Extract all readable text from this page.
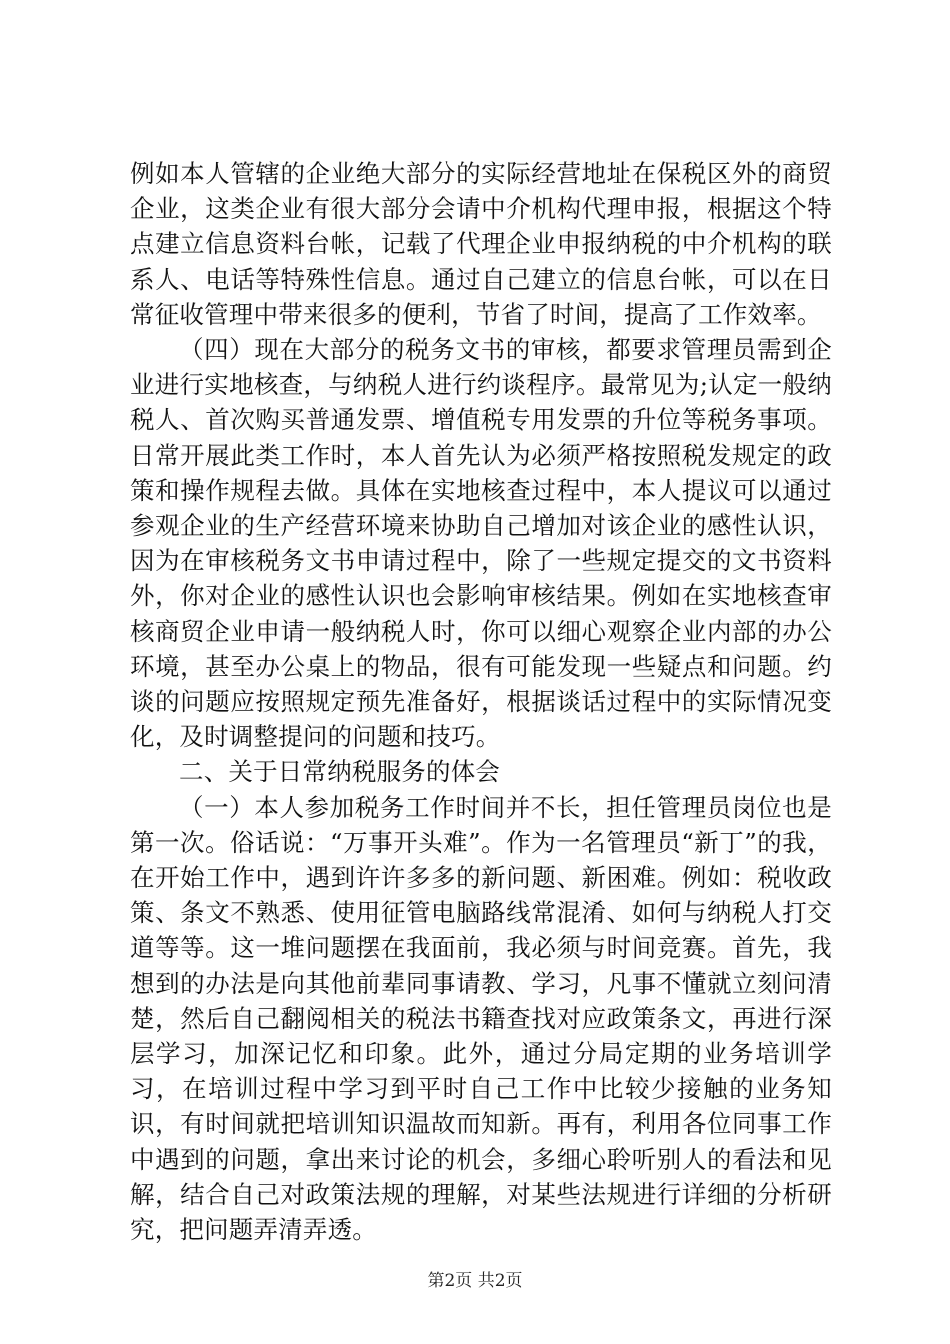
例如本人管辖的企业绝大部分的实际经营地址在保税区外的商贸企业，这类企业有很大部分会请中介机构代理申报，根据这个特点建立信息资料台帐，记载了代理企业申报纳税的中介机构的联系人、电话等特殊性信息。通过自己建立的信息台帐，可以在日常征收管理中带来很多的便利，节省了时间，提高了工作效率。

（四）现在大部分的税务文书的审核，都要求管理员需到企业进行实地核查，与纳税人进行约谈程序。最常见为;认定一般纳税人、首次购买普通发票、增值税专用发票的升位等税务事项。日常开展此类工作时，本人首先认为必须严格按照税发规定的政策和操作规程去做。具体在实地核查过程中，本人提议可以通过参观企业的生产经营环境来协助自己增加对该企业的感性认识，因为在审核税务文书申请过程中，除了一些规定提交的文书资料外，你对企业的感性认识也会影响审核结果。例如在实地核查审核商贸企业申请一般纳税人时，你可以细心观察企业内部的办公环境，甚至办公桌上的物品，很有可能发现一些疑点和问题。约谈的问题应按照规定预先准备好，根据谈话过程中的实际情况变化，及时调整提问的问题和技巧。

二、关于日常纳税服务的体会

（一）本人参加税务工作时间并不长，担任管理员岗位也是第一次。俗话说：“万事开头难”。作为一名管理员“新丁”的我，在开始工作中，遇到许许多多的新问题、新困难。例如：税收政策、条文不熟悉、使用征管电脑路线常混淆、如何与纳税人打交道等等。这一堆问题摆在我面前，我必须与时间竞赛。首先，我想到的办法是向其他前辈同事请教、学习，凡事不懂就立刻问清楚，然后自己翻阅相关的税法书籍查找对应政策条文，再进行深层学习，加深记忆和印象。此外，通过分局定期的业务培训学习，在培训过程中学习到平时自己工作中比较少接触的业务知识，有时间就把培训知识温故而知新。再有，利用各位同事工作中遇到的问题，拿出来讨论的机会，多细心聆听别人的看法和见解，结合自己对政策法规的理解，对某些法规进行详细的分析研究，把问题弄清弄透。

第2页 共2页
